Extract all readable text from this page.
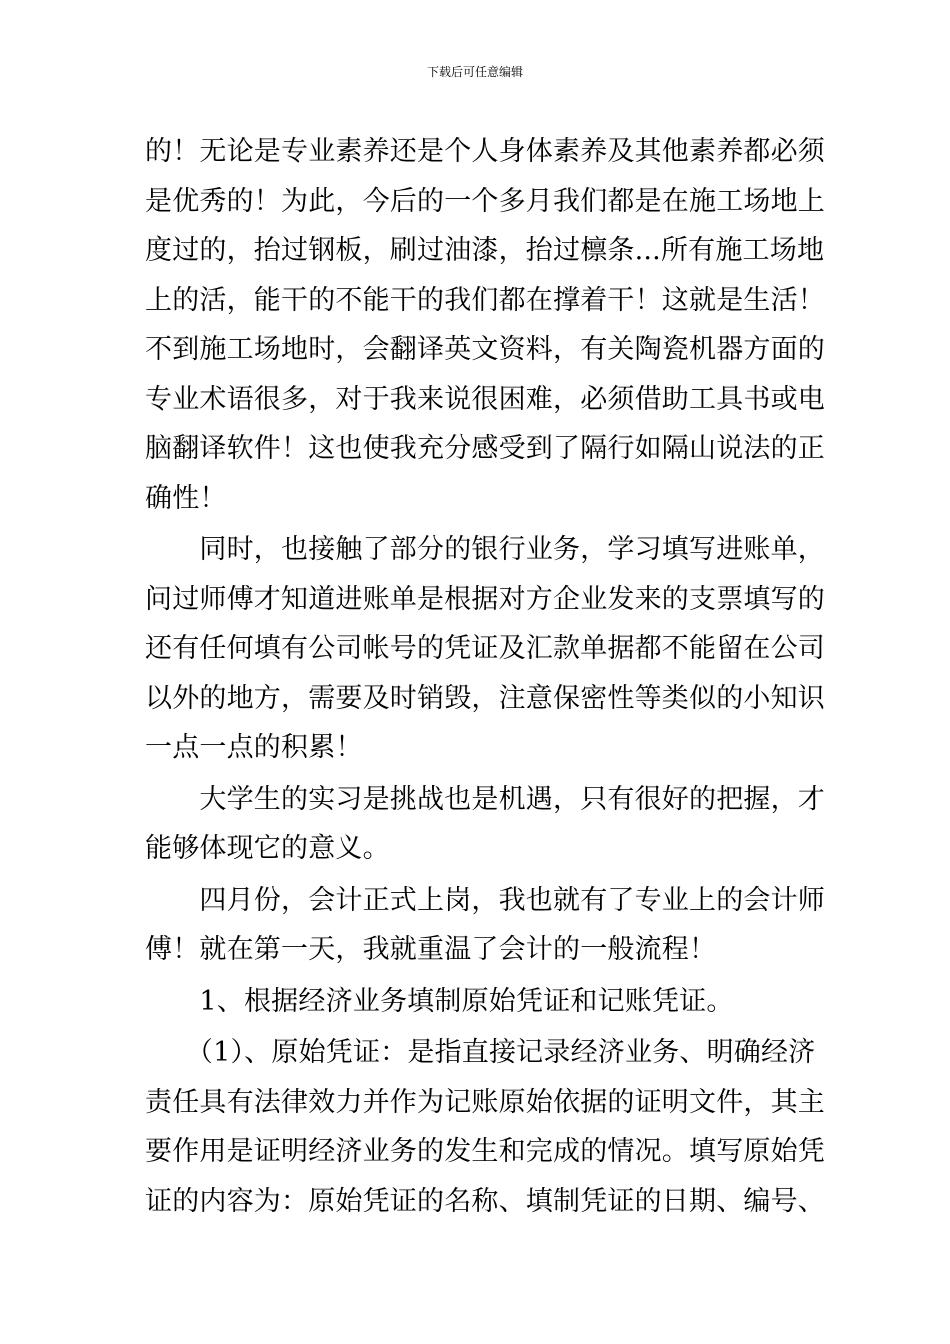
下载后可任意编辑
的！无论是专业素养还是个人身体素养及其他素养都必须
是优秀的！为此，今后的一个多月我们都是在施工场地上
度过的，抬过钢板，刷过油漆，抬过檩条...所有施工场地
上的活，能干的不能干的我们都在撑着干！这就是生活！
不到施工场地时，会翻译英文资料，有关陶瓷机器方面的
专业术语很多，对于我来说很困难，必须借助工具书或电
脑翻译软件！这也使我充分感受到了隔行如隔山说法的正
确性！
　　同时，也接触了部分的银行业务，学习填写进账单，
问过师傅才知道进账单是根据对方企业发来的支票填写的
还有任何填有公司帐号的凭证及汇款单据都不能留在公司
以外的地方，需要及时销毁，注意保密性等类似的小知识
一点一点的积累！
　　大学生的实习是挑战也是机遇，只有很好的把握，才
能够体现它的意义。
　　四月份，会计正式上岗，我也就有了专业上的会计师
傅！就在第一天，我就重温了会计的一般流程！
　　1、根据经济业务填制原始凭证和记账凭证。
　　（1）、原始凭证：是指直接记录经济业务、明确经济
责任具有法律效力并作为记账原始依据的证明文件，其主
要作用是证明经济业务的发生和完成的情况。填写原始凭
证的内容为：原始凭证的名称、填制凭证的日期、编号、
